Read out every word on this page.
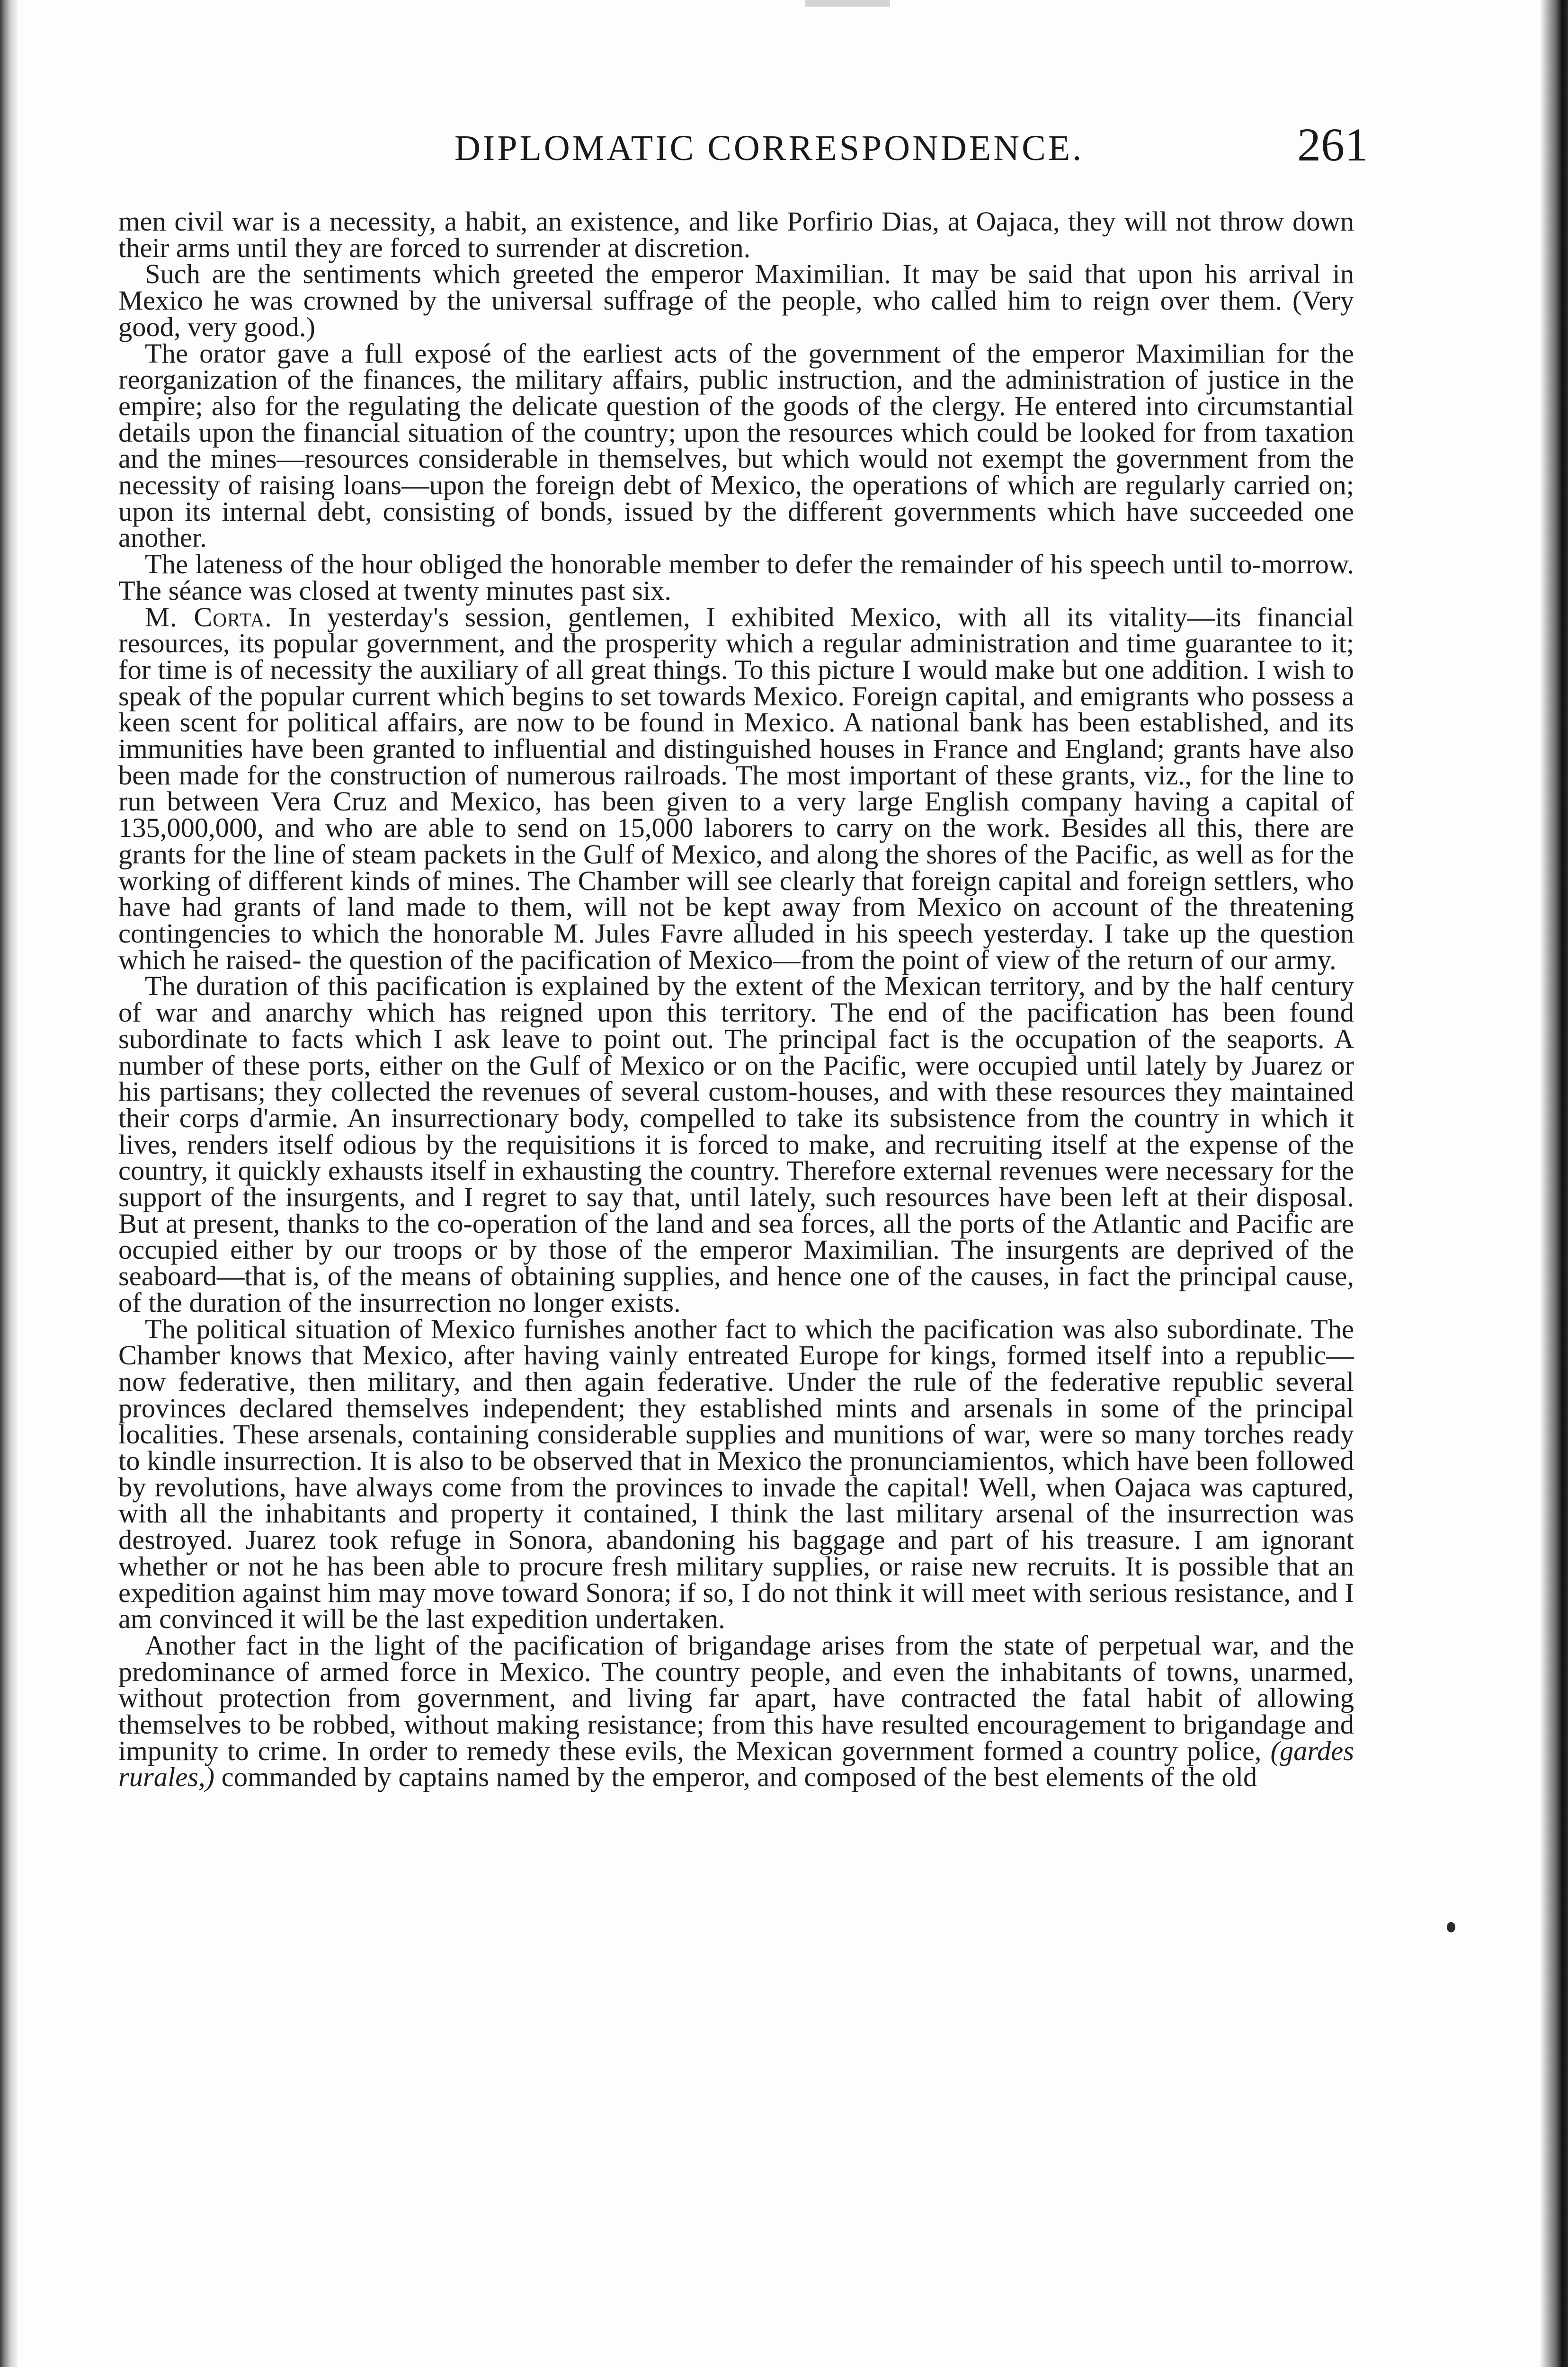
DIPLOMATIC CORRESPONDENCE.	261

men civil war is a necessity, a habit, an existence, and like Porfirio Dias, at Oajaca, they will not throw down their arms until they are forced to surrender at discretion.

Such are the sentiments which greeted the emperor Maximilian. It may be said that upon his arrival in Mexico he was crowned by the universal suffrage of the people, who called him to reign over them. (Very good, very good.)

The orator gave a full exposé of the earliest acts of the government of the emperor Maximilian for the reorganization of the finances, the military affairs, public instruction, and the administration of justice in the empire; also for the regulating the delicate question of the goods of the clergy. He entered into circumstantial details upon the financial situation of the country; upon the resources which could be looked for from taxation and the mines—resources considerable in themselves, but which would not exempt the government from the necessity of raising loans—upon the foreign debt of Mexico, the operations of which are regularly carried on; upon its internal debt, consisting of bonds, issued by the different governments which have succeeded one another.

The lateness of the hour obliged the honorable member to defer the remainder of his speech until to-morrow. The séance was closed at twenty minutes past six.

M. Corta. In yesterday's session, gentlemen, I exhibited Mexico, with all its vitality—its financial resources, its popular government, and the prosperity which a regular administration and time guarantee to it; for time is of necessity the auxiliary of all great things. To this picture I would make but one addition. I wish to speak of the popular current which begins to set towards Mexico. Foreign capital, and emigrants who possess a keen scent for political affairs, are now to be found in Mexico. A national bank has been established, and its immunities have been granted to influential and distinguished houses in France and England; grants have also been made for the construction of numerous railroads. The most important of these grants, viz., for the line to run between Vera Cruz and Mexico, has been given to a very large English company having a capital of 135,000,000, and who are able to send on 15,000 laborers to carry on the work. Besides all this, there are grants for the line of steam packets in the Gulf of Mexico, and along the shores of the Pacific, as well as for the working of different kinds of mines. The Chamber will see clearly that foreign capital and foreign settlers, who have had grants of land made to them, will not be kept away from Mexico on account of the threatening contingencies to which the honorable M. Jules Favre alluded in his speech yesterday. I take up the question which he raised- the question of the pacification of Mexico—from the point of view of the return of our army.

The duration of this pacification is explained by the extent of the Mexican territory, and by the half century of war and anarchy which has reigned upon this territory. The end of the pacification has been found subordinate to facts which I ask leave to point out. The principal fact is the occupation of the seaports. A number of these ports, either on the Gulf of Mexico or on the Pacific, were occupied until lately by Juarez or his partisans; they collected the revenues of several custom-houses, and with these resources they maintained their corps d'armie. An insurrectionary body, compelled to take its subsistence from the country in which it lives, renders itself odious by the requisitions it is forced to make, and recruiting itself at the expense of the country, it quickly exhausts itself in exhausting the country. Therefore external revenues were necessary for the support of the insurgents, and I regret to say that, until lately, such resources have been left at their disposal. But at present, thanks to the co-operation of the land and sea forces, all the ports of the Atlantic and Pacific are occupied either by our troops or by those of the emperor Maximilian. The insurgents are deprived of the seaboard—that is, of the means of obtaining supplies, and hence one of the causes, in fact the principal cause, of the duration of the insurrection no longer exists.

The political situation of Mexico furnishes another fact to which the pacification was also subordinate. The Chamber knows that Mexico, after having vainly entreated Europe for kings, formed itself into a republic—now federative, then military, and then again federative. Under the rule of the federative republic several provinces declared themselves independent; they established mints and arsenals in some of the principal localities. These arsenals, containing considerable supplies and munitions of war, were so many torches ready to kindle insurrection. It is also to be observed that in Mexico the pronunciamientos, which have been followed by revolutions, have always come from the provinces to invade the capital! Well, when Oajaca was captured, with all the inhabitants and property it contained, I think the last military arsenal of the insurrection was destroyed. Juarez took refuge in Sonora, abandoning his baggage and part of his treasure. I am ignorant whether or not he has been able to procure fresh military supplies, or raise new recruits. It is possible that an expedition against him may move toward Sonora; if so, I do not think it will meet with serious resistance, and I am convinced it will be the last expedition undertaken.

Another fact in the light of the pacification of brigandage arises from the state of perpetual war, and the predominance of armed force in Mexico. The country people, and even the inhabitants of towns, unarmed, without protection from government, and living far apart, have contracted the fatal habit of allowing themselves to be robbed, without making resistance; from this have resulted encouragement to brigandage and impunity to crime. In order to remedy these evils, the Mexican government formed a country police, (gardes rurales,) commanded by captains named by the emperor, and composed of the best elements of the old
